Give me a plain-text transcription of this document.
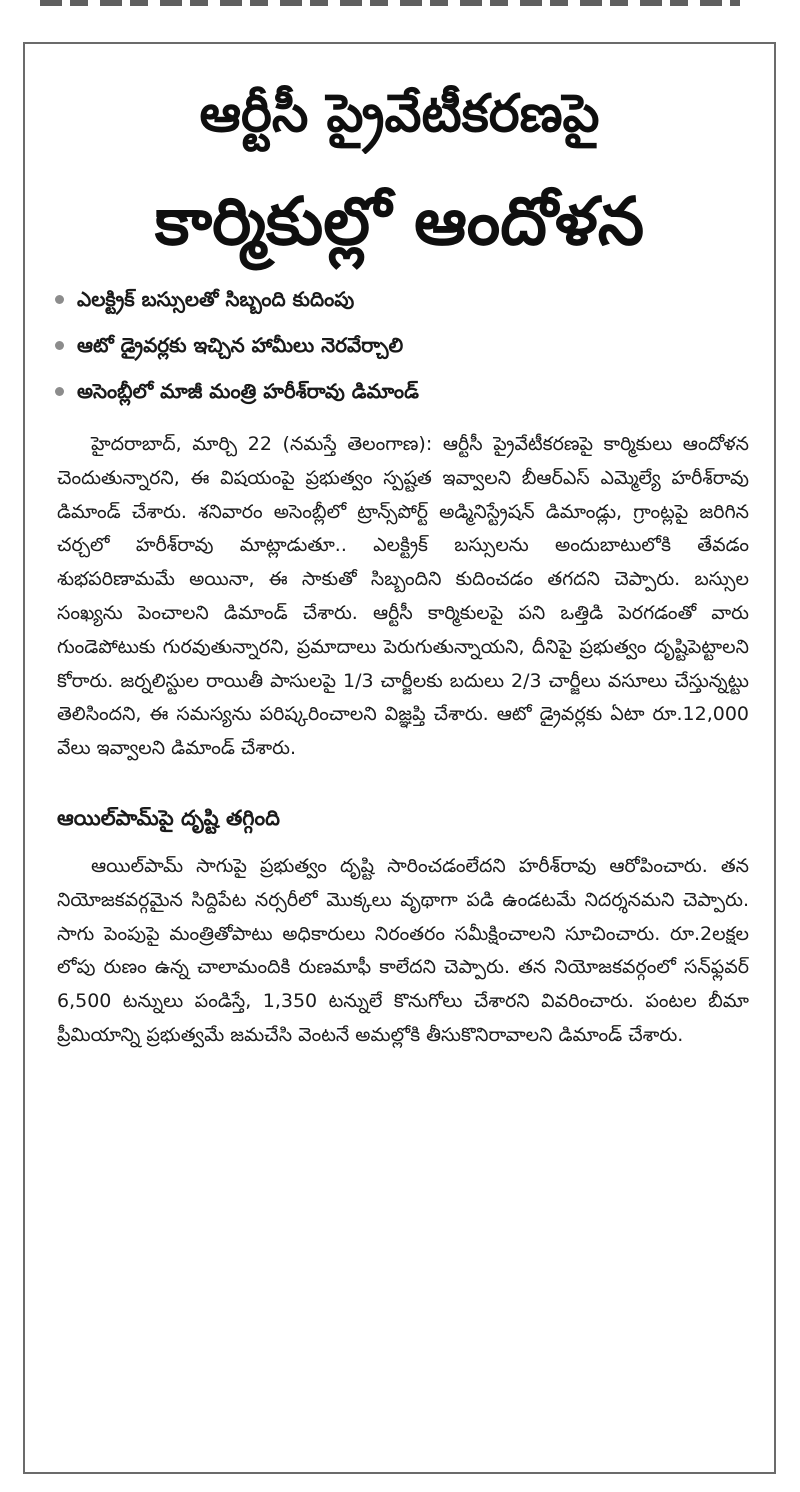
ఆర్టీసీ ప్రైవేటీకరణపై
కార్మికుల్లో ఆందోళన
ఎలక్ట్రిక్ బస్సులతో సిబ్బంది కుదింపు
ఆటో డ్రైవర్లకు ఇచ్చిన హామీలు నెరవేర్చాలి
అసెంబ్లీలో మాజీ మంత్రి హరీశ్‌రావు డిమాండ్

హైదరాబాద్, మార్చి 22 (నమస్తే తెలంగాణ): ఆర్టీసీ ప్రైవేటీకరణపై కార్మికులు ఆందోళన చెందుతున్నారని, ఈ విషయంపై ప్రభుత్వం స్పష్టత ఇవ్వాలని బీఆర్‌ఎస్ ఎమ్మెల్యే హరీశ్‌రావు డిమాండ్ చేశారు. శనివారం అసెంబ్లీలో ట్రాన్స్‌పోర్ట్ అడ్మినిస్ట్రేషన్ డిమాండ్లు, గ్రాంట్లపై జరిగిన చర్చలో హరీశ్‌రావు మాట్లాడుతూ.. ఎలక్ట్రిక్ బస్సులను అందుబాటులోకి తేవడం శుభపరిణామమే అయినా, ఈ సాకుతో సిబ్బందిని కుదించడం తగదని చెప్పారు. బస్సుల సంఖ్యను పెంచాలని డిమాండ్ చేశారు. ఆర్టీసీ కార్మికులపై పని ఒత్తిడి పెరగడంతో వారు గుండెపోటుకు గురవుతున్నారని, ప్రమాదాలు పెరుగుతున్నాయని, దీనిపై ప్రభుత్వం దృష్టిపెట్టాలని కోరారు. జర్నలిస్టుల రాయితీ పాసులపై 1/3 చార్జీలకు బదులు 2/3 చార్జీలు వసూలు చేస్తున్నట్టు తెలిసిందని, ఈ సమస్యను పరిష్కరించాలని విజ్ఞప్తి చేశారు. ఆటో డ్రైవర్లకు ఏటా రూ.12,000 వేలు ఇవ్వాలని డిమాండ్ చేశారు.

ఆయిల్‌పామ్‌పై దృష్టి తగ్గింది

ఆయిల్‌పామ్ సాగుపై ప్రభుత్వం దృష్టి సారించడంలేదని హరీశ్‌రావు ఆరోపించారు. తన నియోజకవర్గమైన సిద్దిపేట నర్సరీలో మొక్కలు వృథాగా పడి ఉండటమే నిదర్శనమని చెప్పారు. సాగు పెంపుపై మంత్రితోపాటు అధికారులు నిరంతరం సమీక్షించాలని సూచించారు. రూ.2లక్షల లోపు రుణం ఉన్న చాలామందికి రుణమాఫీ కాలేదని చెప్పారు. తన నియోజకవర్గంలో సన్‌ఫ్లవర్ 6,500 టన్నులు పండిస్తే, 1,350 టన్నులే కొనుగోలు చేశారని వివరించారు. పంటల బీమా ప్రీమియాన్ని ప్రభుత్వమే జమచేసి వెంటనే అమల్లోకి తీసుకొనిరావాలని డిమాండ్ చేశారు.
